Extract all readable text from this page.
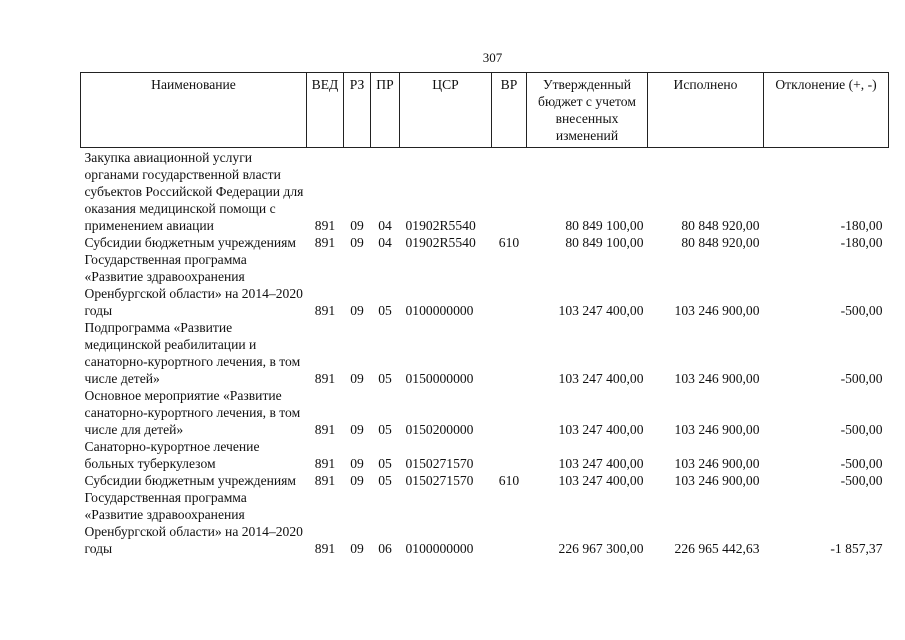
307
Наименование	ВЕД	РЗ	ПР	ЦСР	ВР	Утвержденный бюджет с учетом внесенных изменений	Исполнено	Отклонение (+, -)
Закупка авиационной услуги органами государственной власти субъектов Российской Федерации для оказания медицинской помощи с применением авиации	891	09	04	01902R5540		80 849 100,00	80 848 920,00	-180,00
Субсидии бюджетным учреждениям	891	09	04	01902R5540	610	80 849 100,00	80 848 920,00	-180,00
Государственная программа «Развитие здравоохранения Оренбургской области» на 2014–2020 годы	891	09	05	0100000000		103 247 400,00	103 246 900,00	-500,00
Подпрограмма «Развитие медицинской реабилитации и санаторно-курортного лечения, в том числе детей»	891	09	05	0150000000		103 247 400,00	103 246 900,00	-500,00
Основное мероприятие «Развитие санаторно-курортного лечения, в том числе для детей»	891	09	05	0150200000		103 247 400,00	103 246 900,00	-500,00
Санаторно-курортное лечение больных туберкулезом	891	09	05	0150271570		103 247 400,00	103 246 900,00	-500,00
Субсидии бюджетным учреждениям	891	09	05	0150271570	610	103 247 400,00	103 246 900,00	-500,00
Государственная программа «Развитие здравоохранения Оренбургской области» на 2014–2020 годы	891	09	06	0100000000		226 967 300,00	226 965 442,63	-1 857,37
